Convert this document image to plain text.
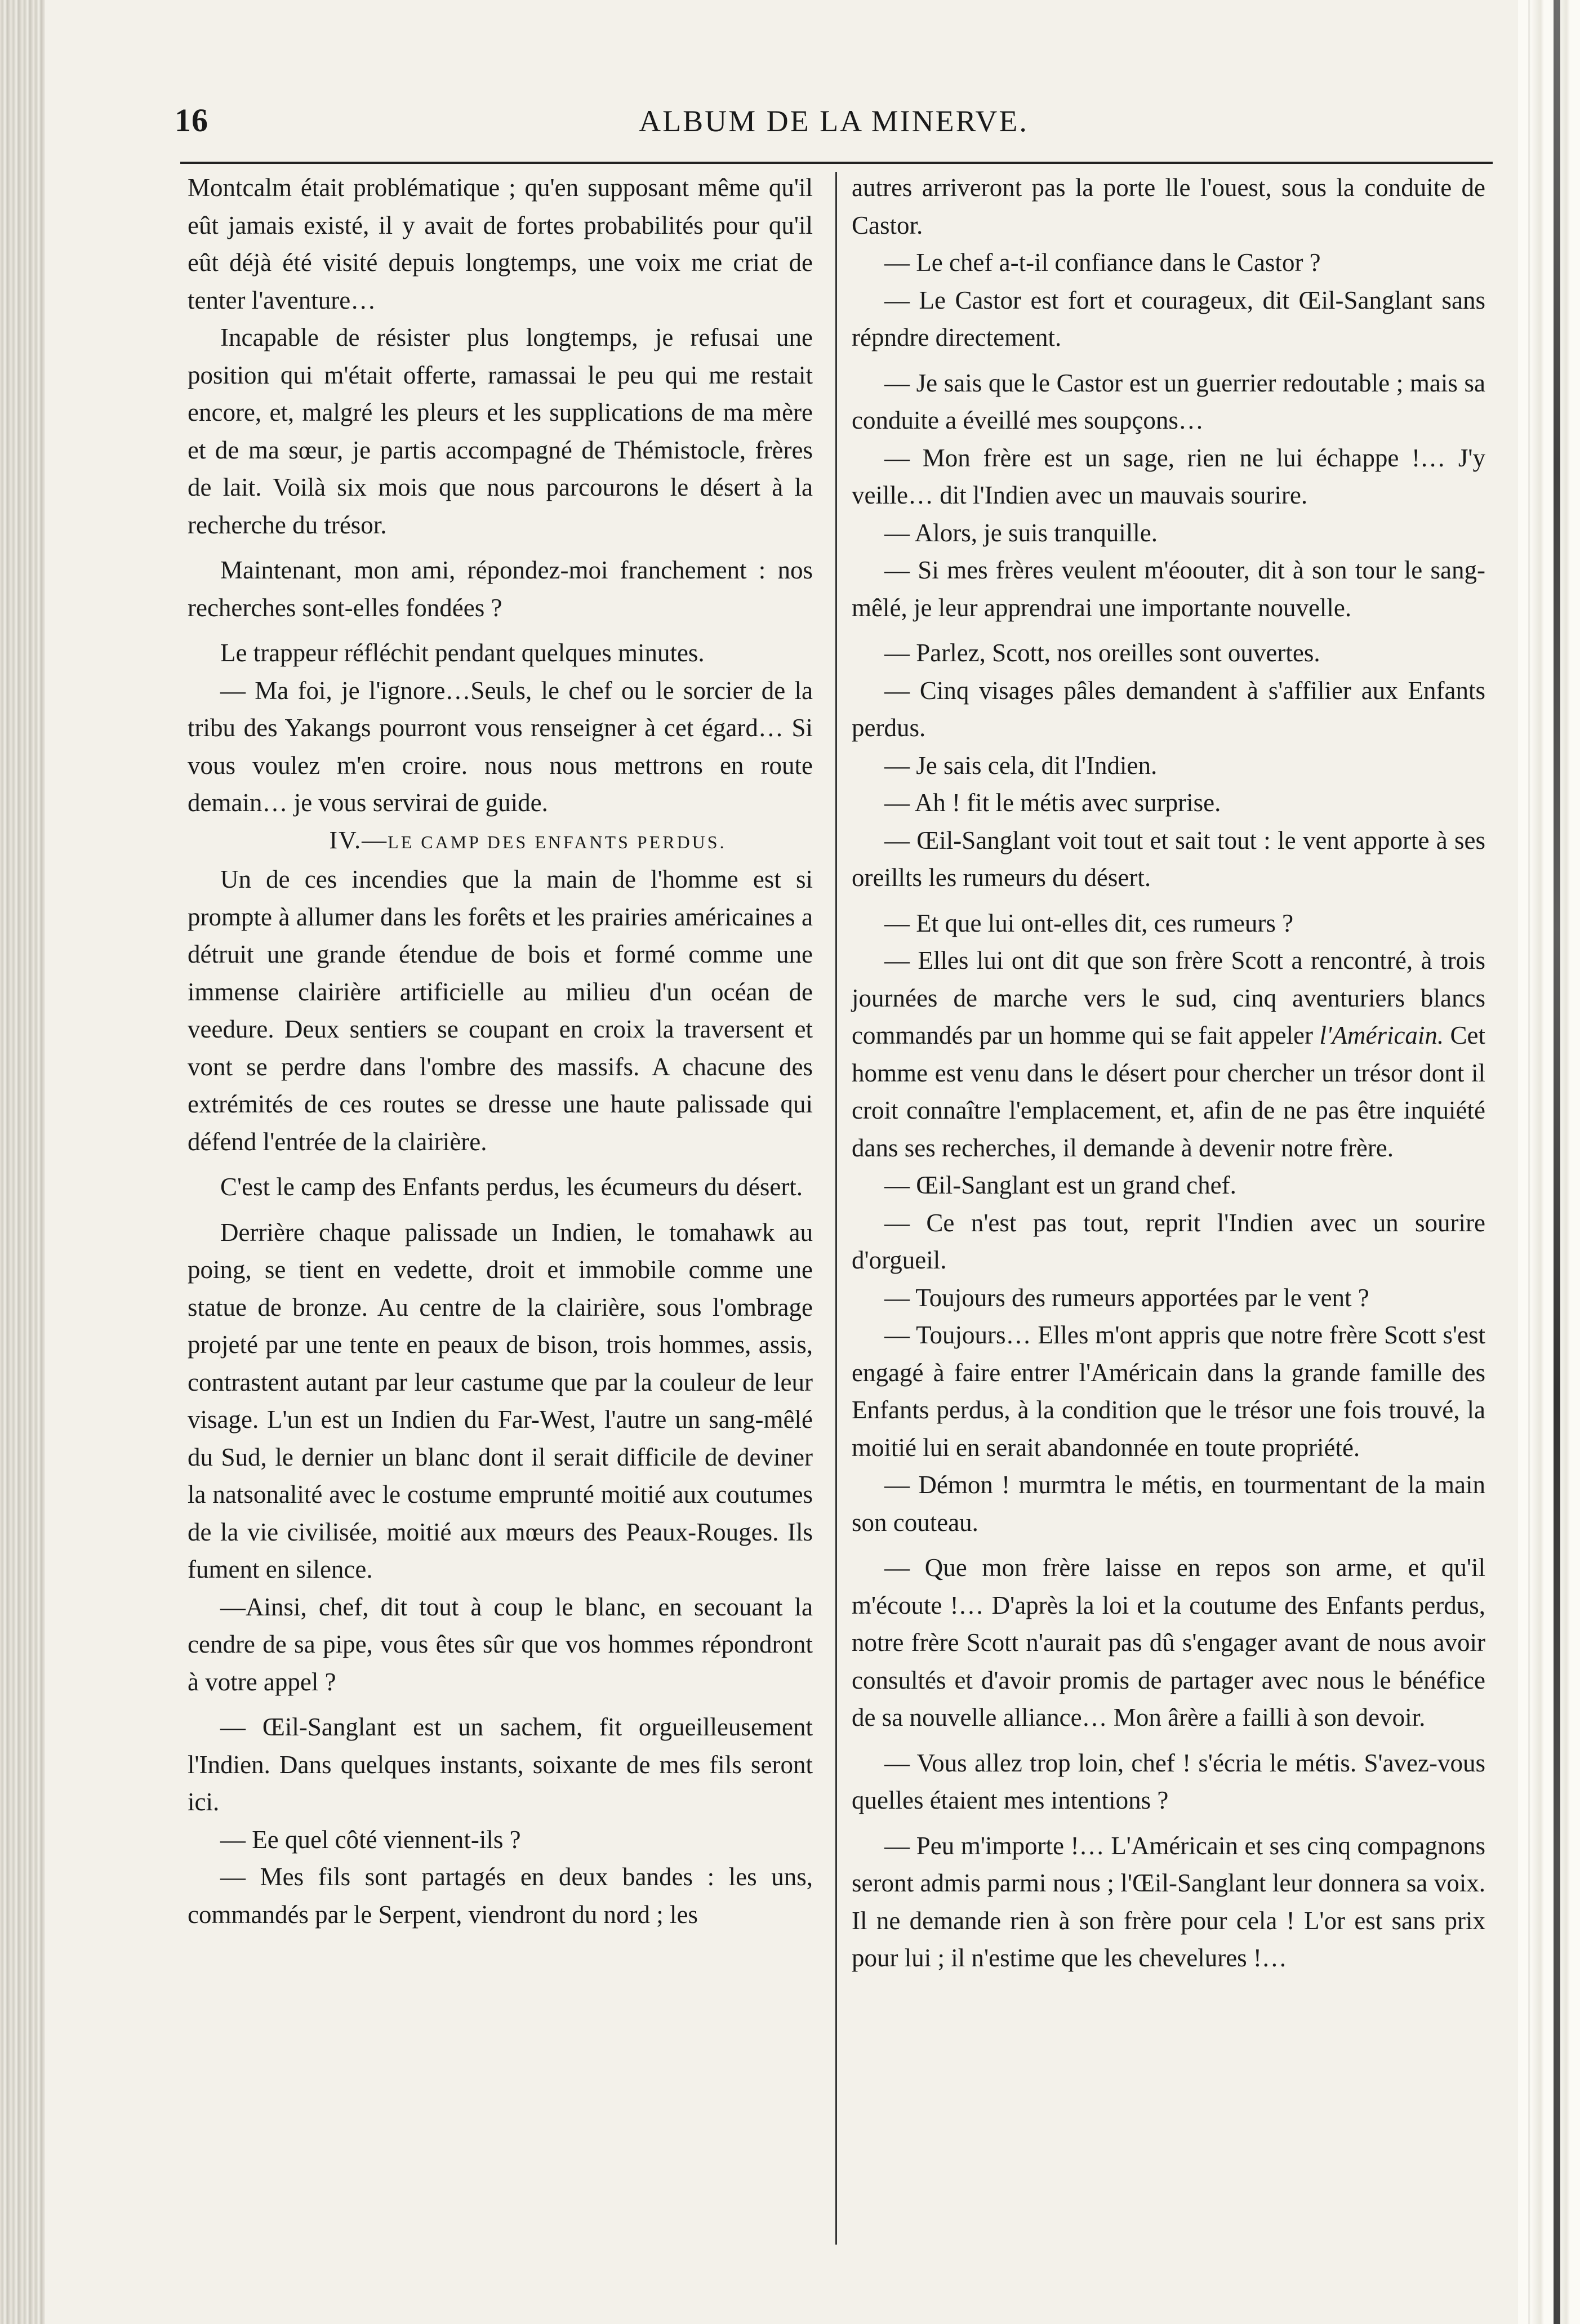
16	ALBUM DE LA MINERVE.

Montcalm était problématique ; qu'en supposant même qu'il eût jamais existé, il y avait de fortes probabilités pour qu'il eût déjà été visité depuis longtemps, une voix me criat de tenter l'aventure…

Incapable de résister plus longtemps, je refusai une position qui m'était offerte, ramassai le peu qui me restait encore, et, malgré les pleurs et les supplications de ma mère et de ma sœur, je partis accompagné de Thémistocle, frères de lait. Voilà six mois que nous parcourons le désert à la recherche du trésor.

Maintenant, mon ami, répondez-moi franchement : nos recherches sont-elles fondées ?

Le trappeur réfléchit pendant quelques minutes.

— Ma foi, je l'ignore…Seuls, le chef ou le sorcier de la tribu des Yakangs pourront vous renseigner à cet égard… Si vous voulez m'en croire. nous nous mettrons en route demain… je vous servirai de guide.

IV.—LE CAMP DES ENFANTS PERDUS.

Un de ces incendies que la main de l'homme est si prompte à allumer dans les forêts et les prairies américaines a détruit une grande étendue de bois et formé comme une immense clairière artificielle au milieu d'un océan de veedure. Deux sentiers se coupant en croix la traversent et vont se perdre dans l'ombre des massifs. A chacune des extrémités de ces routes se dresse une haute palissade qui défend l'entrée de la clairière.

C'est le camp des Enfants perdus, les écumeurs du désert.

Derrière chaque palissade un Indien, le tomahawk au poing, se tient en vedette, droit et immobile comme une statue de bronze. Au centre de la clairière, sous l'ombrage projeté par une tente en peaux de bison, trois hommes, assis, contrastent autant par leur castume que par la couleur de leur visage. L'un est un Indien du Far-West, l'autre un sang-mêlé du Sud, le dernier un blanc dont il serait difficile de deviner la natsonalité avec le costume emprunté moitié aux coutumes de la vie civilisée, moitié aux mœurs des Peaux-Rouges. Ils fument en silence.

—Ainsi, chef, dit tout à coup le blanc, en secouant la cendre de sa pipe, vous êtes sûr que vos hommes répondront à votre appel ?

— Œil-Sanglant est un sachem, fit orgueilleusement l'Indien. Dans quelques instants, soixante de mes fils seront ici.

— Ee quel côté viennent-ils ?

— Mes fils sont partagés en deux bandes : les uns, commandés par le Serpent, viendront du nord ; les

autres arriveront pas la porte lle l'ouest, sous la conduite de Castor.

— Le chef a-t-il confiance dans le Castor ?

— Le Castor est fort et courageux, dit Œil-Sanglant sans répndre directement.

— Je sais que le Castor est un guerrier redoutable ; mais sa conduite a éveillé mes soupçons…

— Mon frère est un sage, rien ne lui échappe !… J'y veille… dit l'Indien avec un mauvais sourire.

— Alors, je suis tranquille.

— Si mes frères veulent m'éoouter, dit à son tour le sang-mêlé, je leur apprendrai une importante nouvelle.

— Parlez, Scott, nos oreilles sont ouvertes.

— Cinq visages pâles demandent à s'affilier aux Enfants perdus.

— Je sais cela, dit l'Indien.

— Ah ! fit le métis avec surprise.

— Œil-Sanglant voit tout et sait tout : le vent apporte à ses oreillts les rumeurs du désert.

— Et que lui ont-elles dit, ces rumeurs ?

— Elles lui ont dit que son frère Scott a rencontré, à trois journées de marche vers le sud, cinq aventuriers blancs commandés par un homme qui se fait appeler l'Américain. Cet homme est venu dans le désert pour chercher un trésor dont il croit connaître l'emplacement, et, afin de ne pas être inquiété dans ses recherches, il demande à devenir notre frère.

— Œil-Sanglant est un grand chef.

— Ce n'est pas tout, reprit l'Indien avec un sourire d'orgueil.

— Toujours des rumeurs apportées par le vent ?

— Toujours… Elles m'ont appris que notre frère Scott s'est engagé à faire entrer l'Américain dans la grande famille des Enfants perdus, à la condition que le trésor une fois trouvé, la moitié lui en serait abandonnée en toute propriété.

— Démon ! murmtra le métis, en tourmentant de la main son couteau.

— Que mon frère laisse en repos son arme, et qu'il m'écoute !… D'après la loi et la coutume des Enfants perdus, notre frère Scott n'aurait pas dû s'engager avant de nous avoir consultés et d'avoir promis de partager avec nous le bénéfice de sa nouvelle alliance… Mon ârère a failli à son devoir.

— Vous allez trop loin, chef ! s'écria le métis. S'avez-vous quelles étaient mes intentions ?

— Peu m'importe !… L'Américain et ses cinq compagnons seront admis parmi nous ; l'Œil-Sanglant leur donnera sa voix. Il ne demande rien à son frère pour cela ! L'or est sans prix pour lui ; il n'estime que les chevelures !…
